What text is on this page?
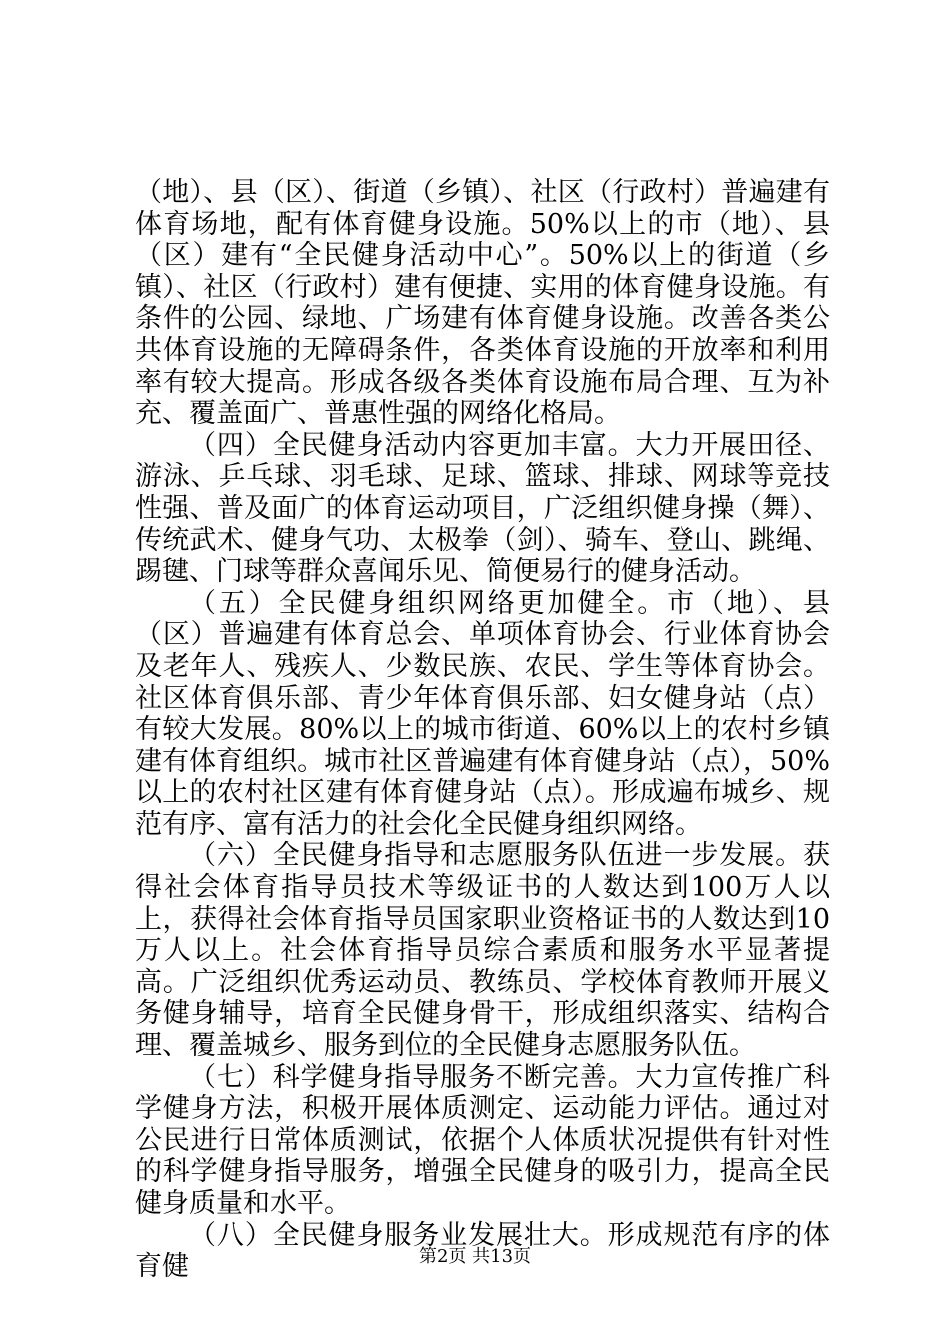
（地）、县（区）、街道（乡镇）、社区（行政村）普遍建有体育场地，配有体育健身设施。50%以上的市（地）、县（区）建有“全民健身活动中心”。50%以上的街道（乡镇）、社区（行政村）建有便捷、实用的体育健身设施。有条件的公园、绿地、广场建有体育健身设施。改善各类公共体育设施的无障碍条件，各类体育设施的开放率和利用率有较大提高。形成各级各类体育设施布局合理、互为补充、覆盖面广、普惠性强的网络化格局。

（四）全民健身活动内容更加丰富。大力开展田径、游泳、乒乓球、羽毛球、足球、篮球、排球、网球等竞技性强、普及面广的体育运动项目，广泛组织健身操（舞）、传统武术、健身气功、太极拳（剑）、骑车、登山、跳绳、踢毽、门球等群众喜闻乐见、简便易行的健身活动。

（五）全民健身组织网络更加健全。市（地）、县（区）普遍建有体育总会、单项体育协会、行业体育协会及老年人、残疾人、少数民族、农民、学生等体育协会。社区体育俱乐部、青少年体育俱乐部、妇女健身站（点）有较大发展。80%以上的城市街道、60%以上的农村乡镇建有体育组织。城市社区普遍建有体育健身站（点），50%以上的农村社区建有体育健身站（点）。形成遍布城乡、规范有序、富有活力的社会化全民健身组织网络。

（六）全民健身指导和志愿服务队伍进一步发展。获得社会体育指导员技术等级证书的人数达到100万人以上，获得社会体育指导员国家职业资格证书的人数达到10万人以上。社会体育指导员综合素质和服务水平显著提高。广泛组织优秀运动员、教练员、学校体育教师开展义务健身辅导，培育全民健身骨干，形成组织落实、结构合理、覆盖城乡、服务到位的全民健身志愿服务队伍。

（七）科学健身指导服务不断完善。大力宣传推广科学健身方法，积极开展体质测定、运动能力评估。通过对公民进行日常体质测试，依据个人体质状况提供有针对性的科学健身指导服务，增强全民健身的吸引力，提高全民健身质量和水平。

（八）全民健身服务业发展壮大。形成规范有序的体育健	第2页 共13页
